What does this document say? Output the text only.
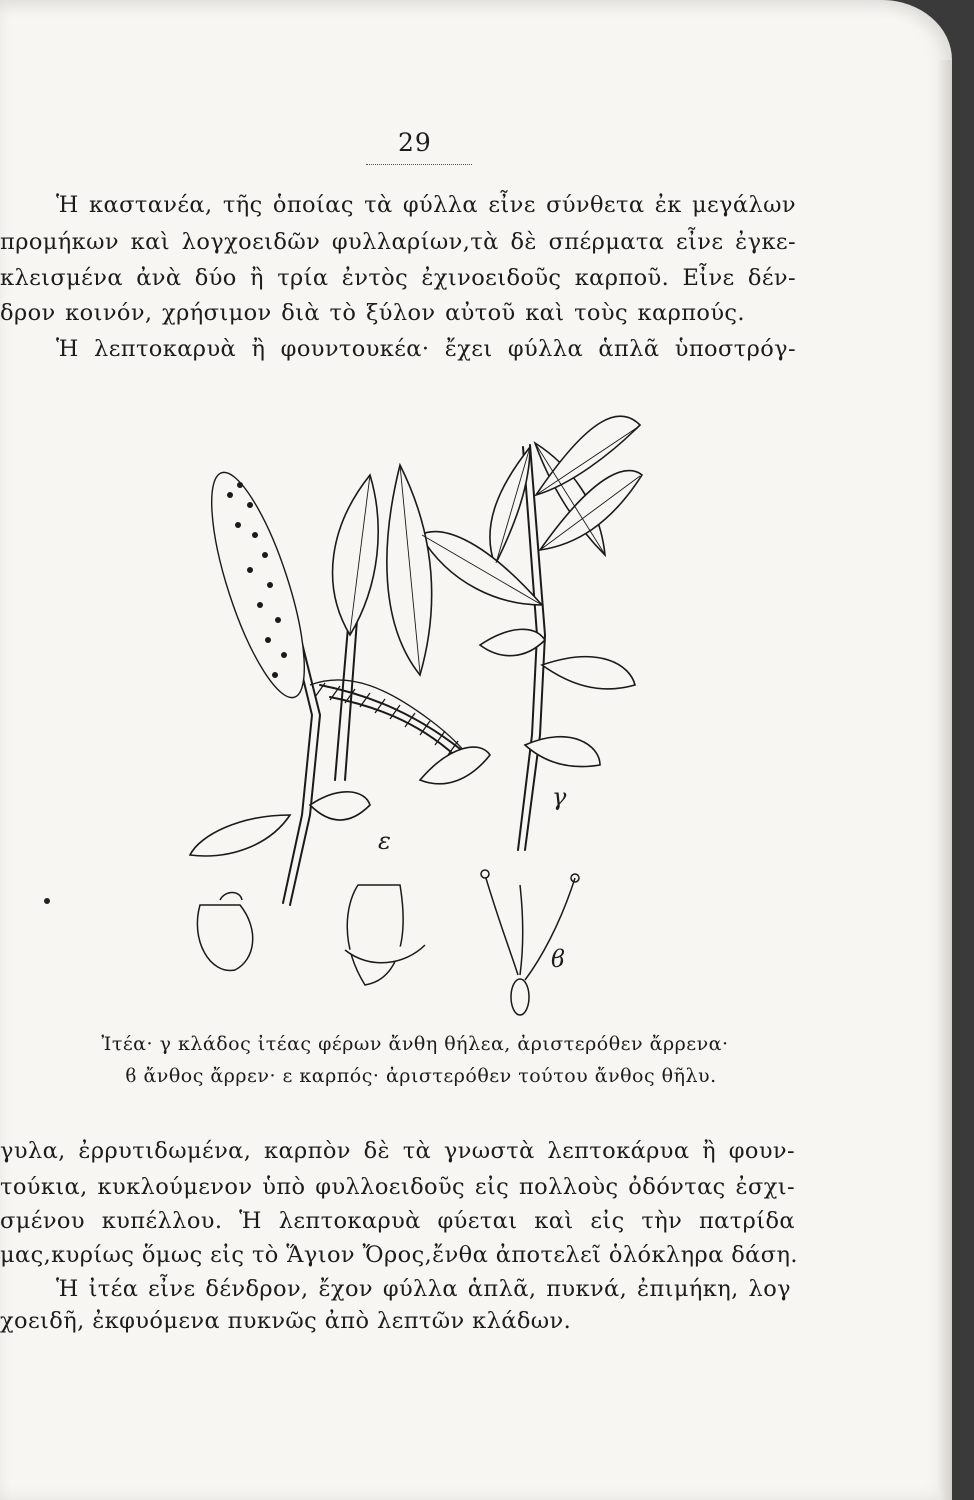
29
Ἡ καστανέα, τῆς ὁποίας τὰ φύλλα εἶνε σύνθετα ἐκ μεγάλων
προμήκων καὶ λογχοειδῶν φυλλαρίων,τὰ δὲ σπέρματα εἶνε ἐγκε-
κλεισμένα ἀνὰ δύο ἢ τρία ἐντὸς ἐχινοειδοῦς καρποῦ. Εἶνε δέν-
δρον κοινόν, χρήσιμον διὰ τὸ ξύλον αὐτοῦ καὶ τοὺς καρπούς.
Ἡ λεπτοκαρυὰ ἢ φουντουκέα· ἔχει φύλλα ἁπλᾶ ὑποστρόγ-
γ
ε
ϐ
Ἰτέα· γ κλάδος ἰτέας φέρων ἄνθη θήλεα, ἀριστερόθεν ἄρρενα·
ϐ ἄνθος ἄρρεν· ε καρπός· ἀριστερόθεν τούτου ἄνθος θῆλυ.
γυλα, ἐρρυτιδωμένα, καρπὸν δὲ τὰ γνωστὰ λεπτοκάρυα ἢ φουν-
τούκια, κυκλούμενον ὑπὸ φυλλοειδοῦς εἰς πολλοὺς ὀδόντας ἐσχι-
σμένου κυπέλλου. Ἡ λεπτοκαρυὰ φύεται καὶ εἰς τὴν πατρίδα
μας,κυρίως ὅμως εἰς τὸ Ἅγιον Ὄρος,ἔνθα ἀποτελεῖ ὁλόκληρα δάση.
Ἡ ἰτέα εἶνε δένδρον, ἔχον φύλλα ἁπλᾶ, πυκνά, ἐπιμήκη, λογ
χοειδῆ, ἐκφυόμενα πυκνῶς ἀπὸ λεπτῶν κλάδων.
